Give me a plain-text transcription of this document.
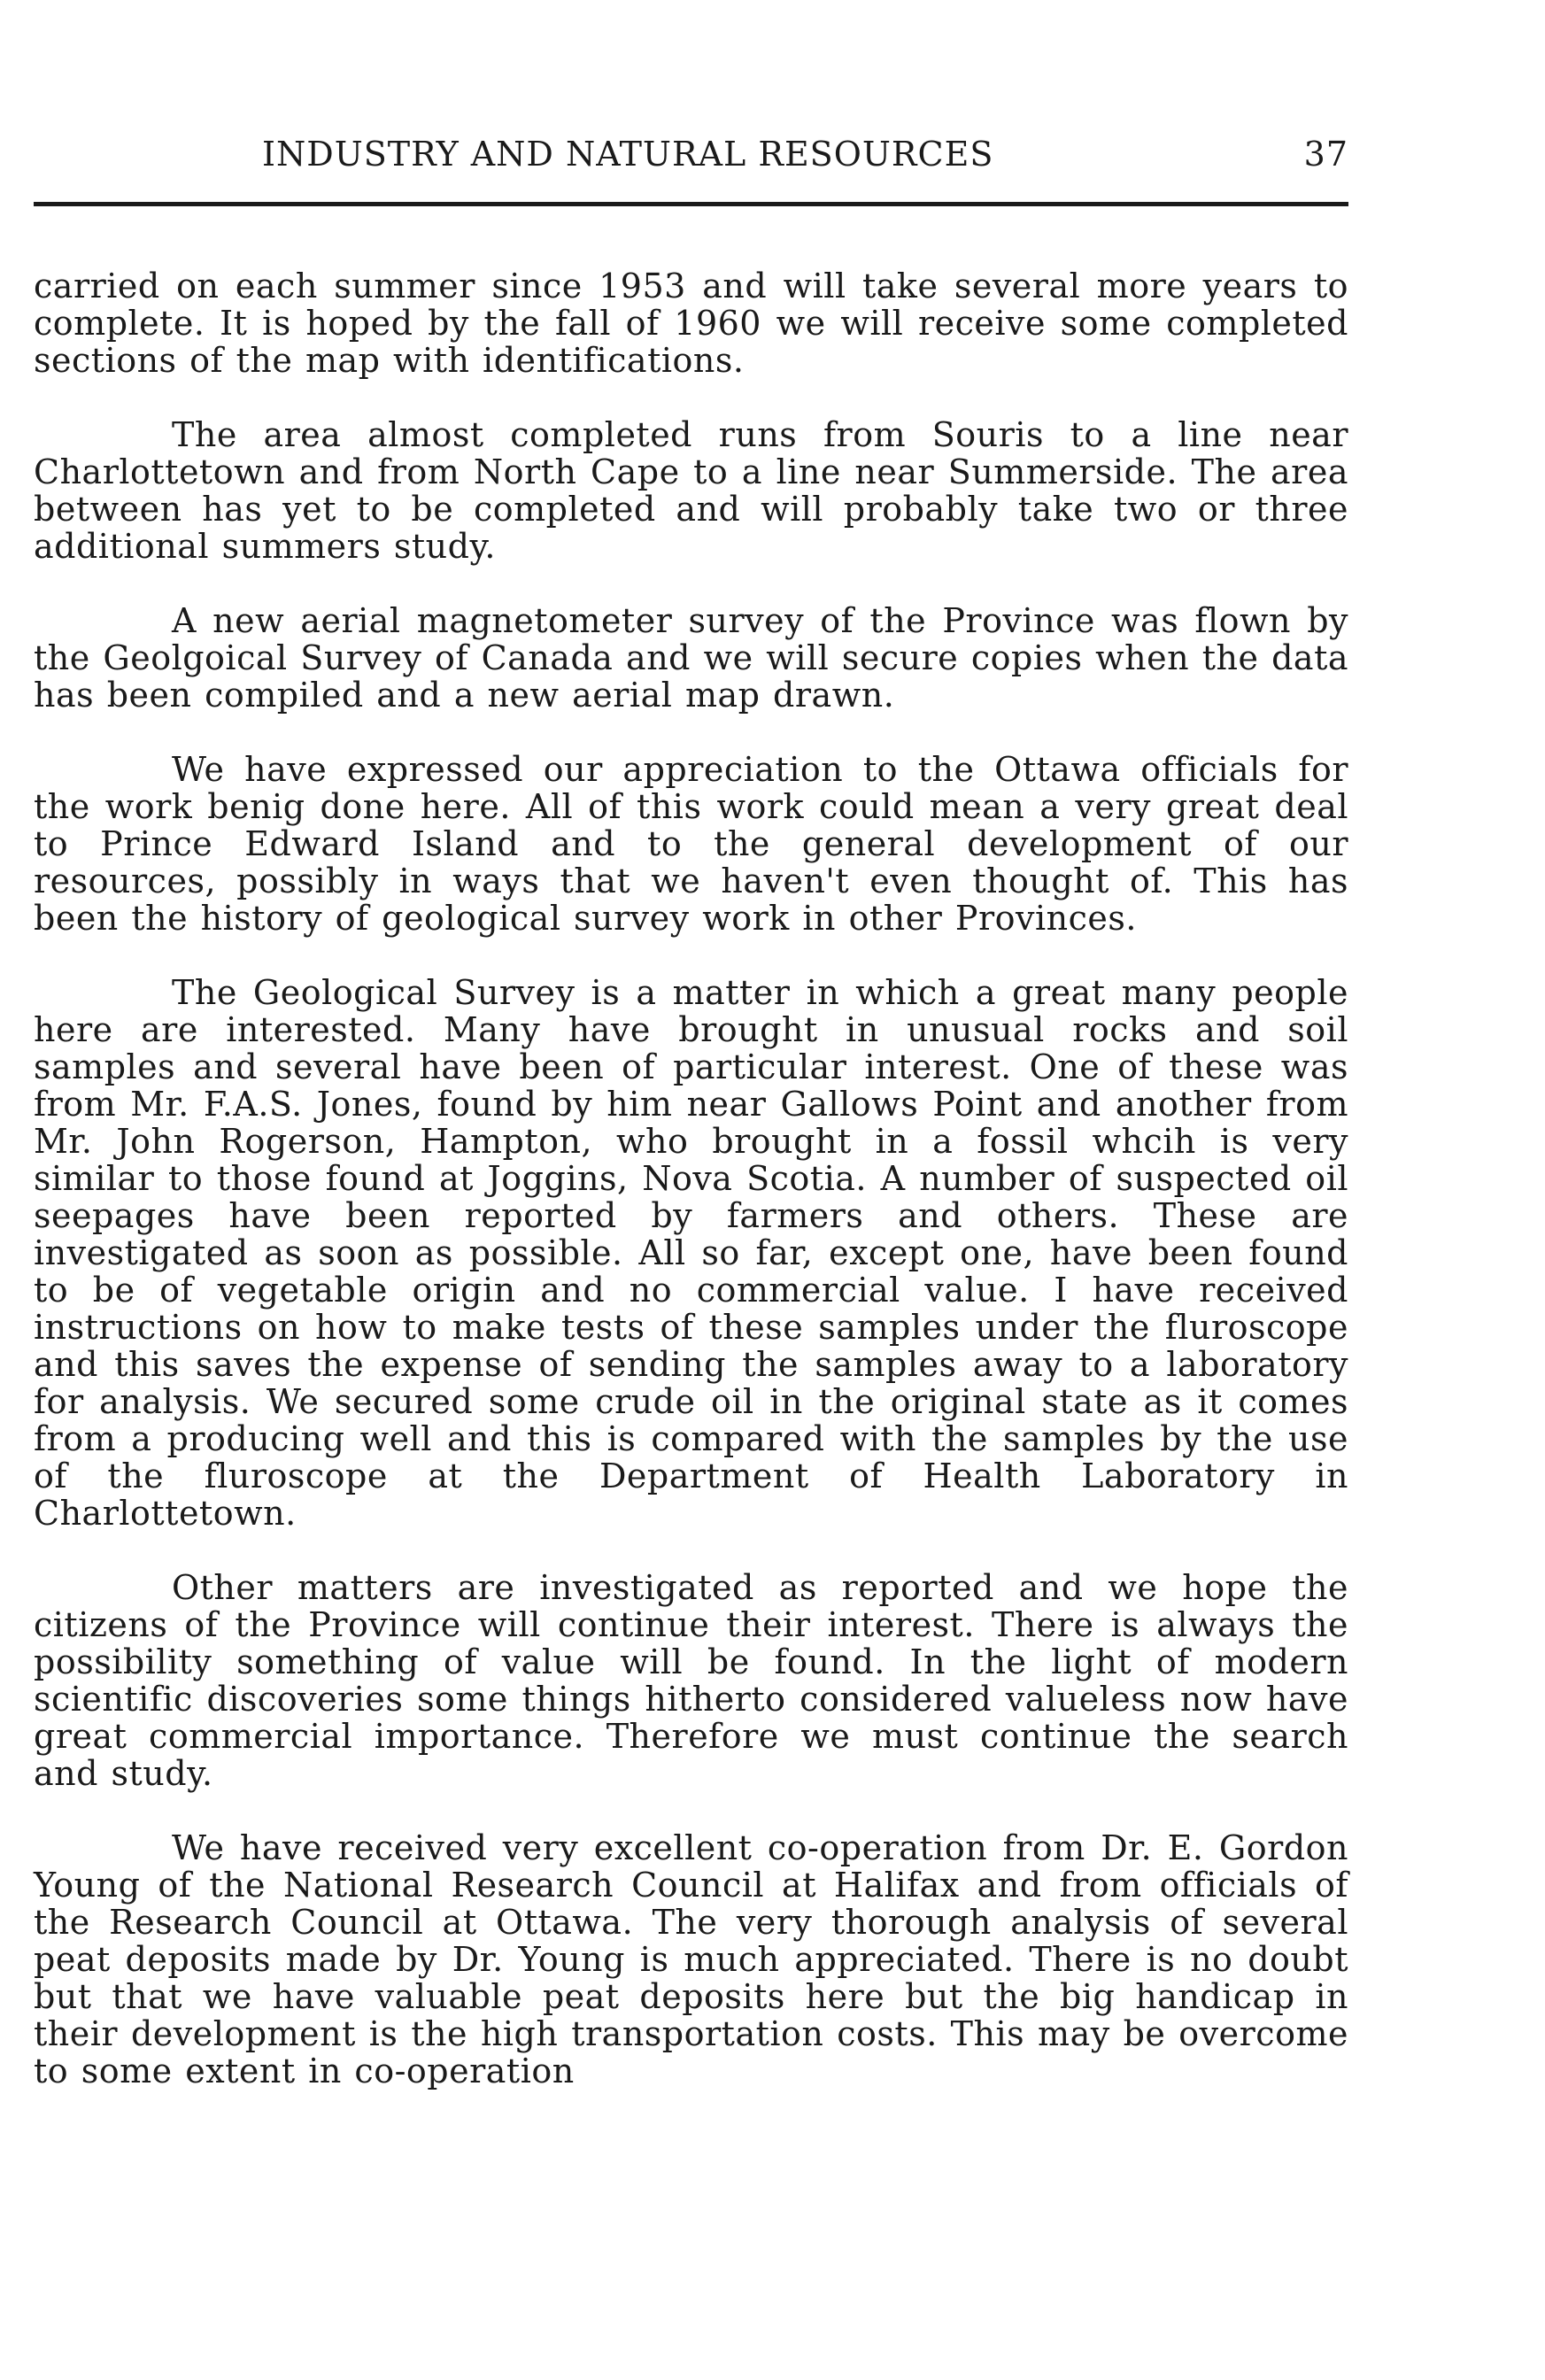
INDUSTRY AND NATURAL RESOURCES	37

carried on each summer since 1953 and will take several more years to complete. It is hoped by the fall of 1960 we will receive some completed sections of the map with identifications.

The area almost completed runs from Souris to a line near Charlottetown and from North Cape to a line near Summerside. The area between has yet to be completed and will probably take two or three additional summers study.

A new aerial magnetometer survey of the Province was flown by the Geolgoical Survey of Canada and we will secure copies when the data has been compiled and a new aerial map drawn.

We have expressed our appreciation to the Ottawa officials for the work benig done here. All of this work could mean a very great deal to Prince Edward Island and to the general development of our resources, possibly in ways that we haven't even thought of. This has been the history of geological survey work in other Provinces.

The Geological Survey is a matter in which a great many people here are interested. Many have brought in unusual rocks and soil samples and several have been of particular interest. One of these was from Mr. F.A.S. Jones, found by him near Gallows Point and another from Mr. John Rogerson, Hampton, who brought in a fossil whcih is very similar to those found at Joggins, Nova Scotia. A number of suspected oil seepages have been reported by farmers and others. These are investigated as soon as possible. All so far, except one, have been found to be of vegetable origin and no commercial value. I have received instructions on how to make tests of these samples under the fluroscope and this saves the expense of sending the samples away to a laboratory for analysis. We secured some crude oil in the original state as it comes from a producing well and this is compared with the samples by the use of the fluroscope at the Department of Health Laboratory in Charlottetown.

Other matters are investigated as reported and we hope the citizens of the Province will continue their interest. There is always the possibility something of value will be found. In the light of modern scientific discoveries some things hitherto considered valueless now have great commercial importance. Therefore we must continue the search and study.

We have received very excellent co-operation from Dr. E. Gordon Young of the National Research Council at Halifax and from officials of the Research Council at Ottawa. The very thorough analysis of several peat deposits made by Dr. Young is much appreciated. There is no doubt but that we have valuable peat deposits here but the big handicap in their development is the high transportation costs. This may be overcome to some extent in co-operation
